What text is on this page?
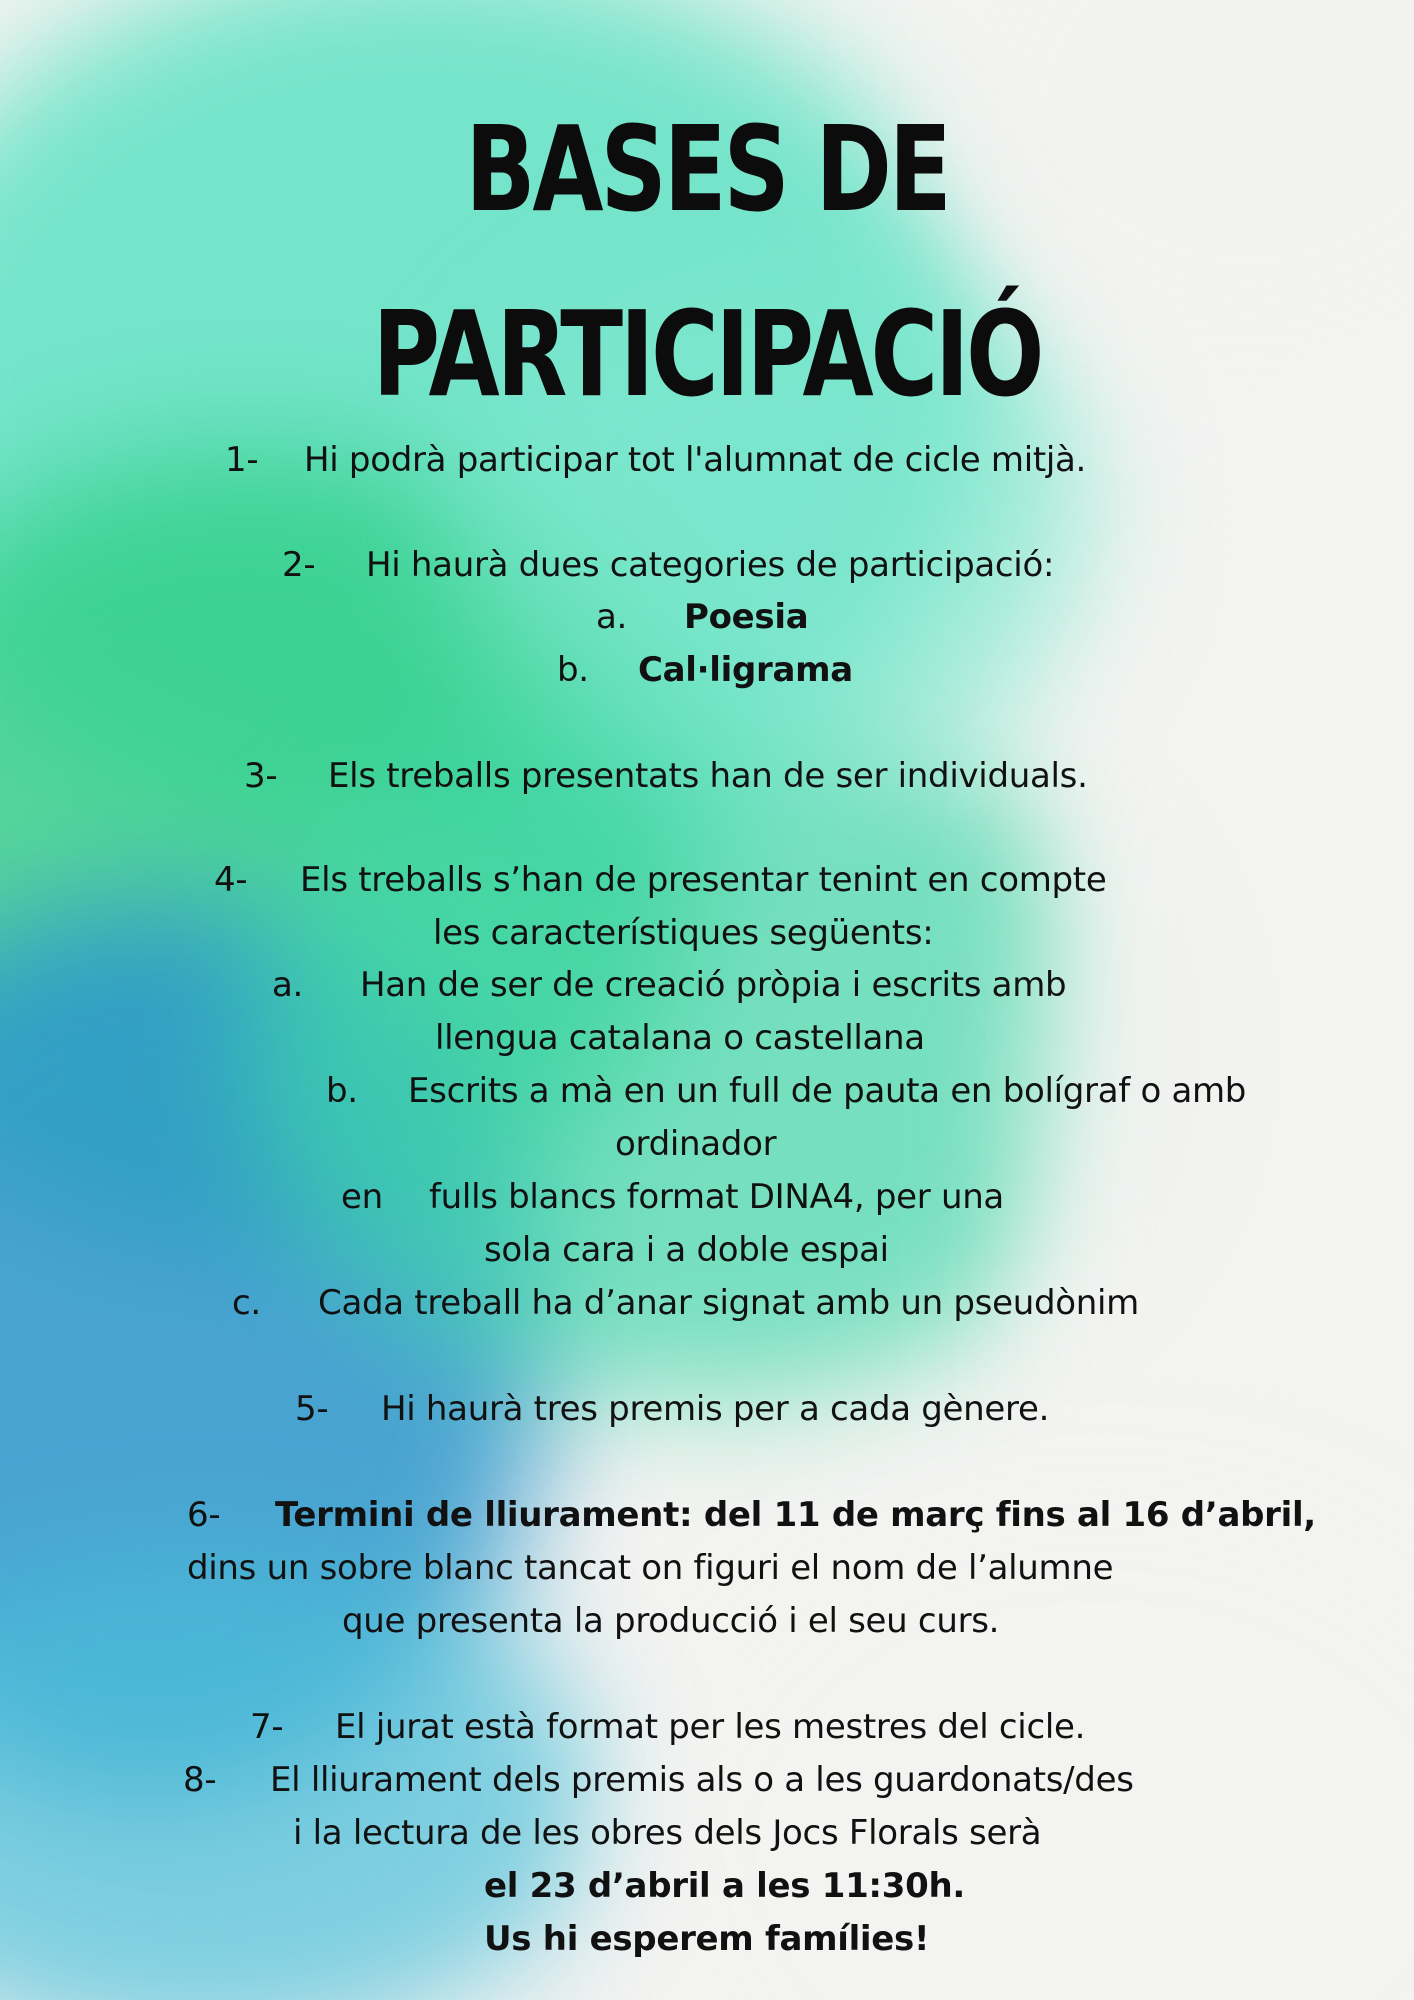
BASES DE
PARTICIPACIÓ
1- Hi podrà participar tot l'alumnat de cicle mitjà.
2- Hi haurà dues categories de participació:
a. Poesia
b. Cal·ligrama
3- Els treballs presentats han de ser individuals.
4- Els treballs s’han de presentar tenint en compte
les característiques següents:
a. Han de ser de creació pròpia i escrits amb
llengua catalana o castellana
b. Escrits a mà en un full de pauta en bolígraf o amb
ordinador
en fulls blancs format DINA4, per una
sola cara i a doble espai
c. Cada treball ha d’anar signat amb un pseudònim
5- Hi haurà tres premis per a cada gènere.
6- Termini de lliurament: del 11 de març fins al 16 d’abril,
dins un sobre blanc tancat on figuri el nom de l’alumne
que presenta la producció i el seu curs.
7- El jurat està format per les mestres del cicle.
8- El lliurament dels premis als o a les guardonats/des
i la lectura de les obres dels Jocs Florals serà
el 23 d’abril a les 11:30h.
Us hi esperem famílies!
